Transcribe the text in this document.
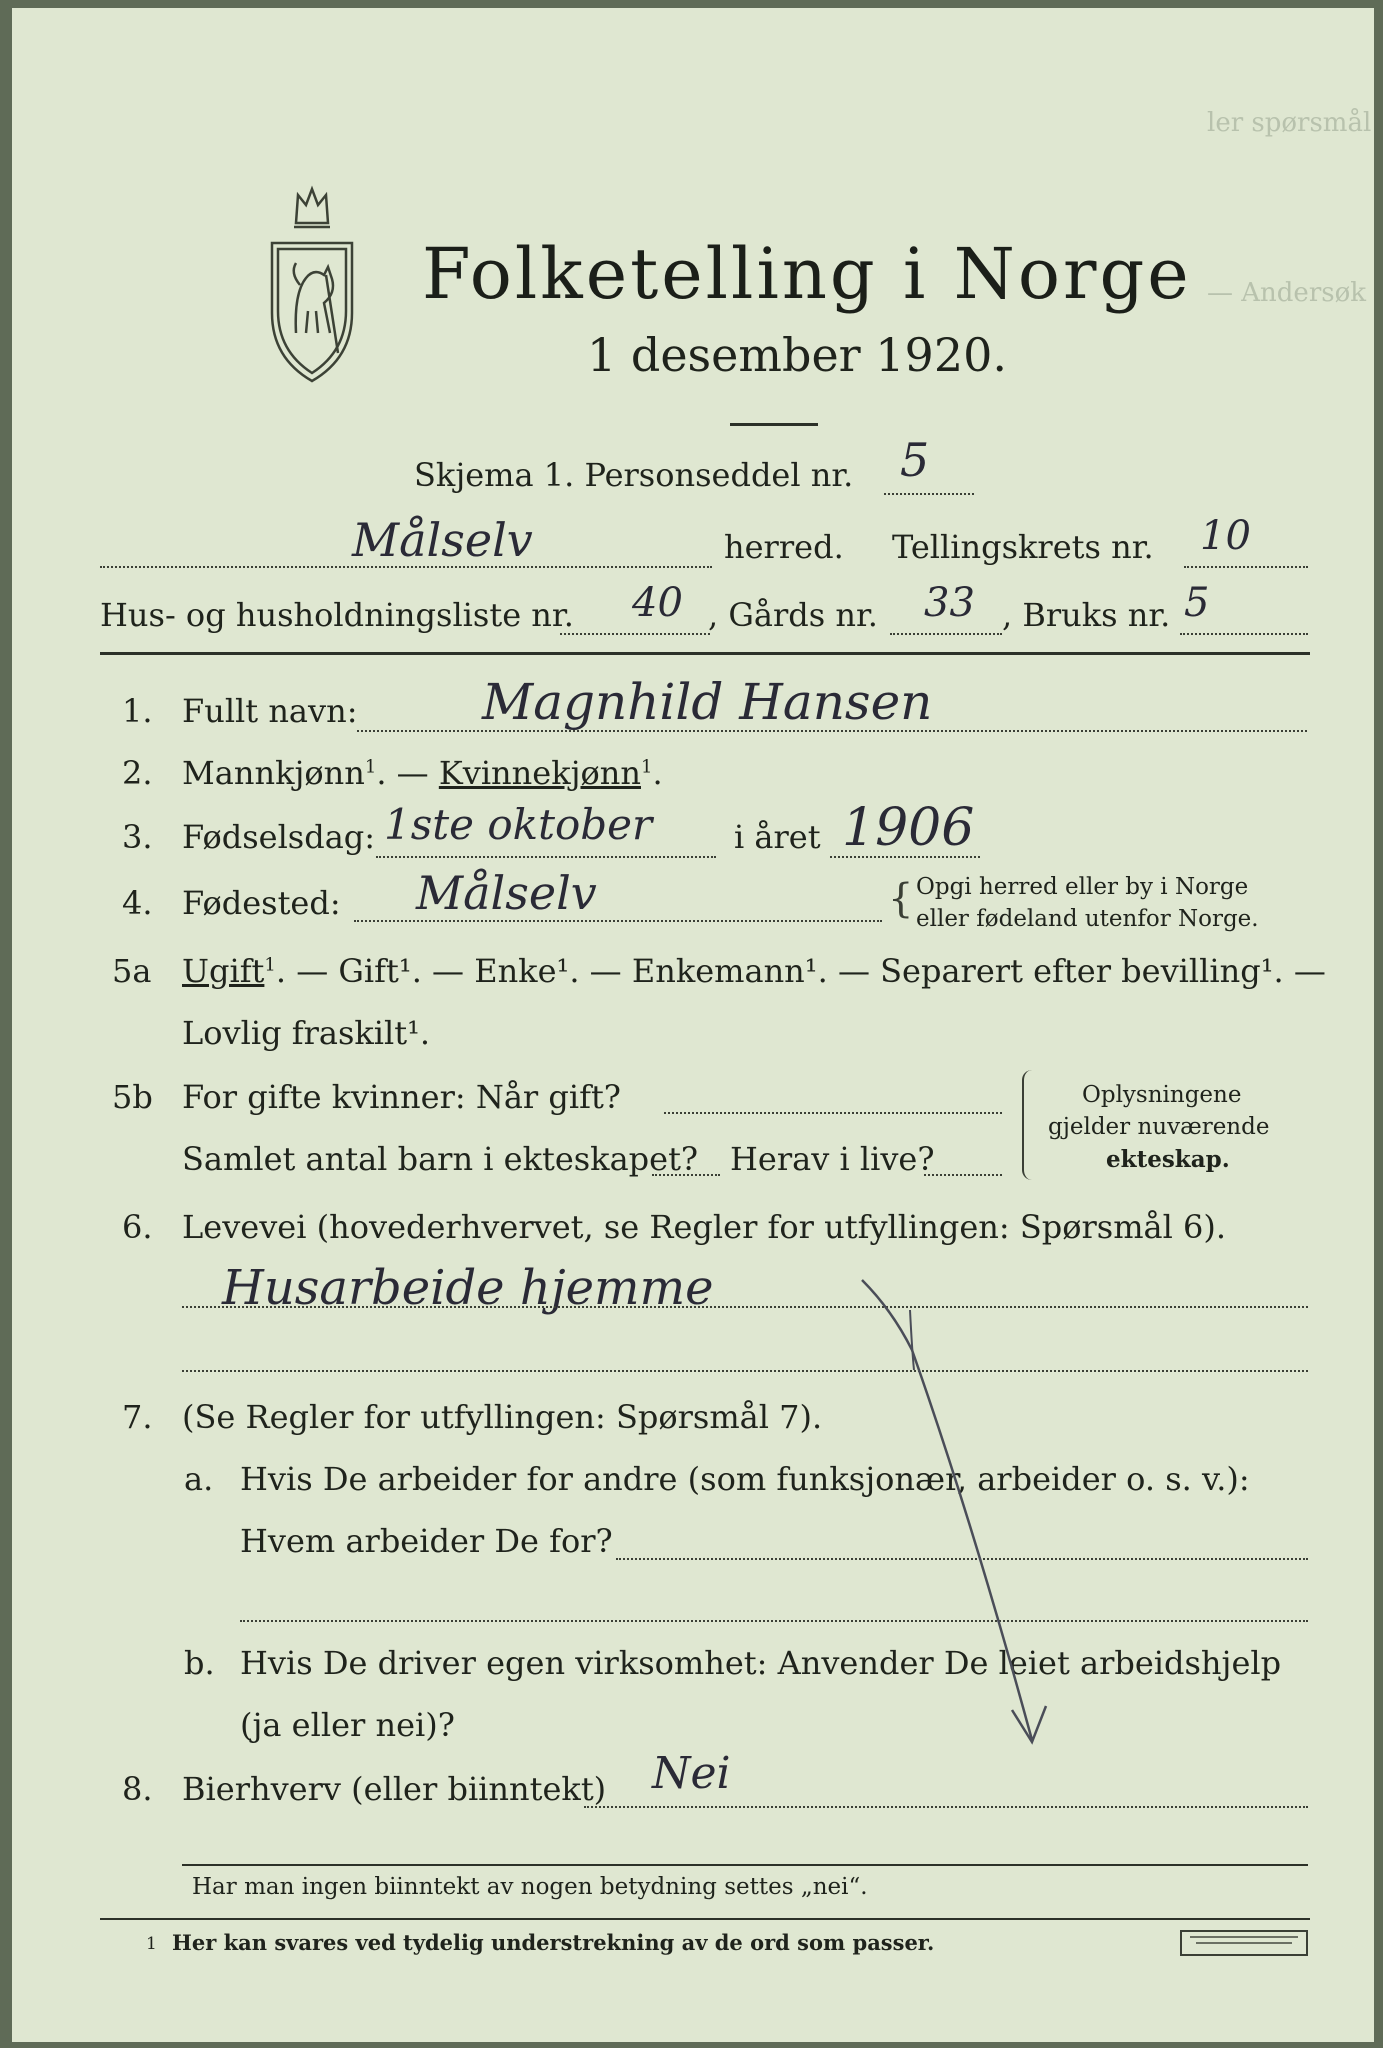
ler spørsmål
— Andersøk
Folketelling i Norge
1 desember 1920.
Skjema 1. Personseddel nr. 5
Målselv	herred. Tellingskrets nr. 10
Hus- og husholdningsliste nr. 40 , Gårds nr. 33 , Bruks nr. 5
1. Fullt navn: Magnhild Hansen
2. Mannkjønn$^1$. — Kvinnekjønn$^1$.
3. Fødselsdag: 1ste oktober	i året 1906
4. Fødested: Målselv	{ Opgi herred eller by i Norge
eller fødeland utenfor Norge.
5a Ugift$^1$. — Gift¹. — Enke¹. — Enkemann¹. — Separert efter bevilling¹. —
Lovlig fraskilt¹.
5b For gifte kvinner: Når gift?
Samlet antal barn i ekteskapet? Herav i live?
Oplysningene
gjelder nuværende
ekteskap.
6. Levevei (hovederhvervet, se Regler for utfyllingen: Spørsmål 6).
Husarbeide hjemme
7. (Se Regler for utfyllingen: Spørsmål 7).
a. Hvis De arbeider for andre (som funksjonær, arbeider o. s. v.):
Hvem arbeider De for?
b. Hvis De driver egen virksomhet: Anvender De leiet arbeidshjelp
(ja eller nei)?
8. Bierhverv (eller biinntekt) Nei
Har man ingen biinntekt av nogen betydning settes „nei“.
1 Her kan svares ved tydelig understrekning av de ord som passer.
